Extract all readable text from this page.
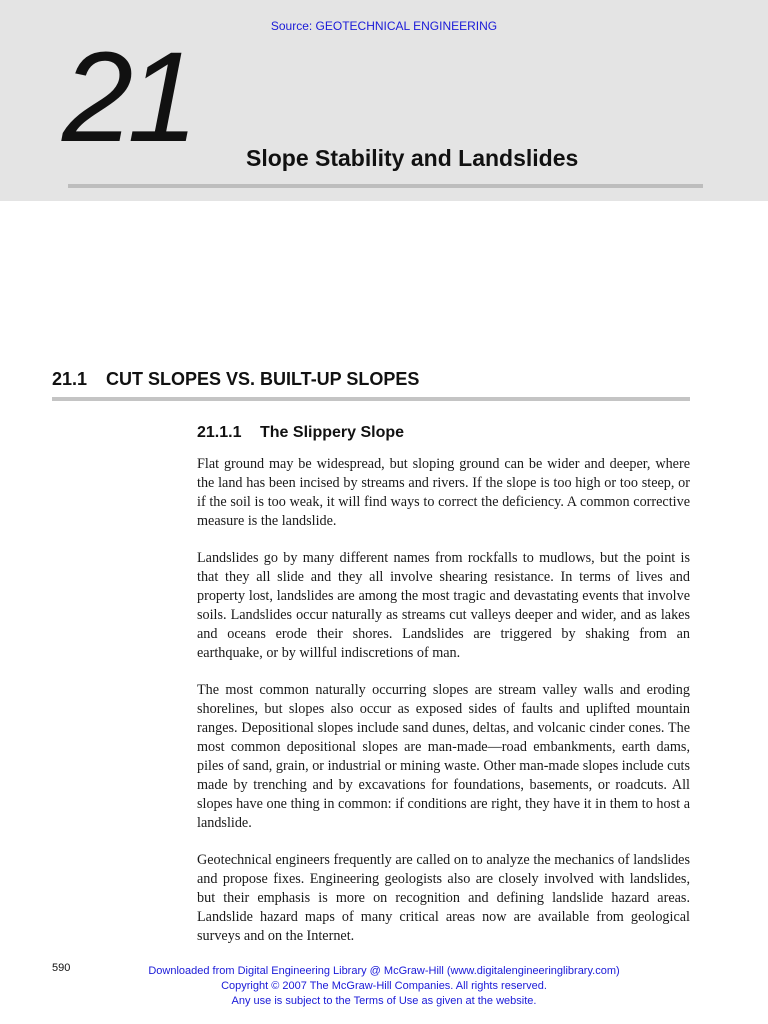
Source: GEOTECHNICAL ENGINEERING
21 Slope Stability and Landslides
21.1 CUT SLOPES VS. BUILT-UP SLOPES
21.1.1 The Slippery Slope

Flat ground may be widespread, but sloping ground can be wider and deeper, where the land has been incised by streams and rivers. If the slope is too high or too steep, or if the soil is too weak, it will find ways to correct the deficiency. A common corrective measure is the landslide.

Landslides go by many different names from rockfalls to mudlows, but the point is that they all slide and they all involve shearing resistance. In terms of lives and property lost, landslides are among the most tragic and devastating events that involve soils. Landslides occur naturally as streams cut valleys deeper and wider, and as lakes and oceans erode their shores. Landslides are triggered by shaking from an earthquake, or by willful indiscretions of man.

The most common naturally occurring slopes are stream valley walls and eroding shorelines, but slopes also occur as exposed sides of faults and uplifted mountain ranges. Depositional slopes include sand dunes, deltas, and volcanic cinder cones. The most common depositional slopes are man-made—road embankments, earth dams, piles of sand, grain, or industrial or mining waste. Other man-made slopes include cuts made by trenching and by excavations for foundations, basements, or roadcuts. All slopes have one thing in common: if conditions are right, they have it in them to host a landslide.

Geotechnical engineers frequently are called on to analyze the mechanics of landslides and propose fixes. Engineering geologists also are closely involved with landslides, but their emphasis is more on recognition and defining landslide hazard areas. Landslide hazard maps of many critical areas now are available from geological surveys and on the Internet.

590	Downloaded from Digital Engineering Library @ McGraw-Hill (www.digitalengineeringlibrary.com)
Copyright © 2007 The McGraw-Hill Companies. All rights reserved.
Any use is subject to the Terms of Use as given at the website.
